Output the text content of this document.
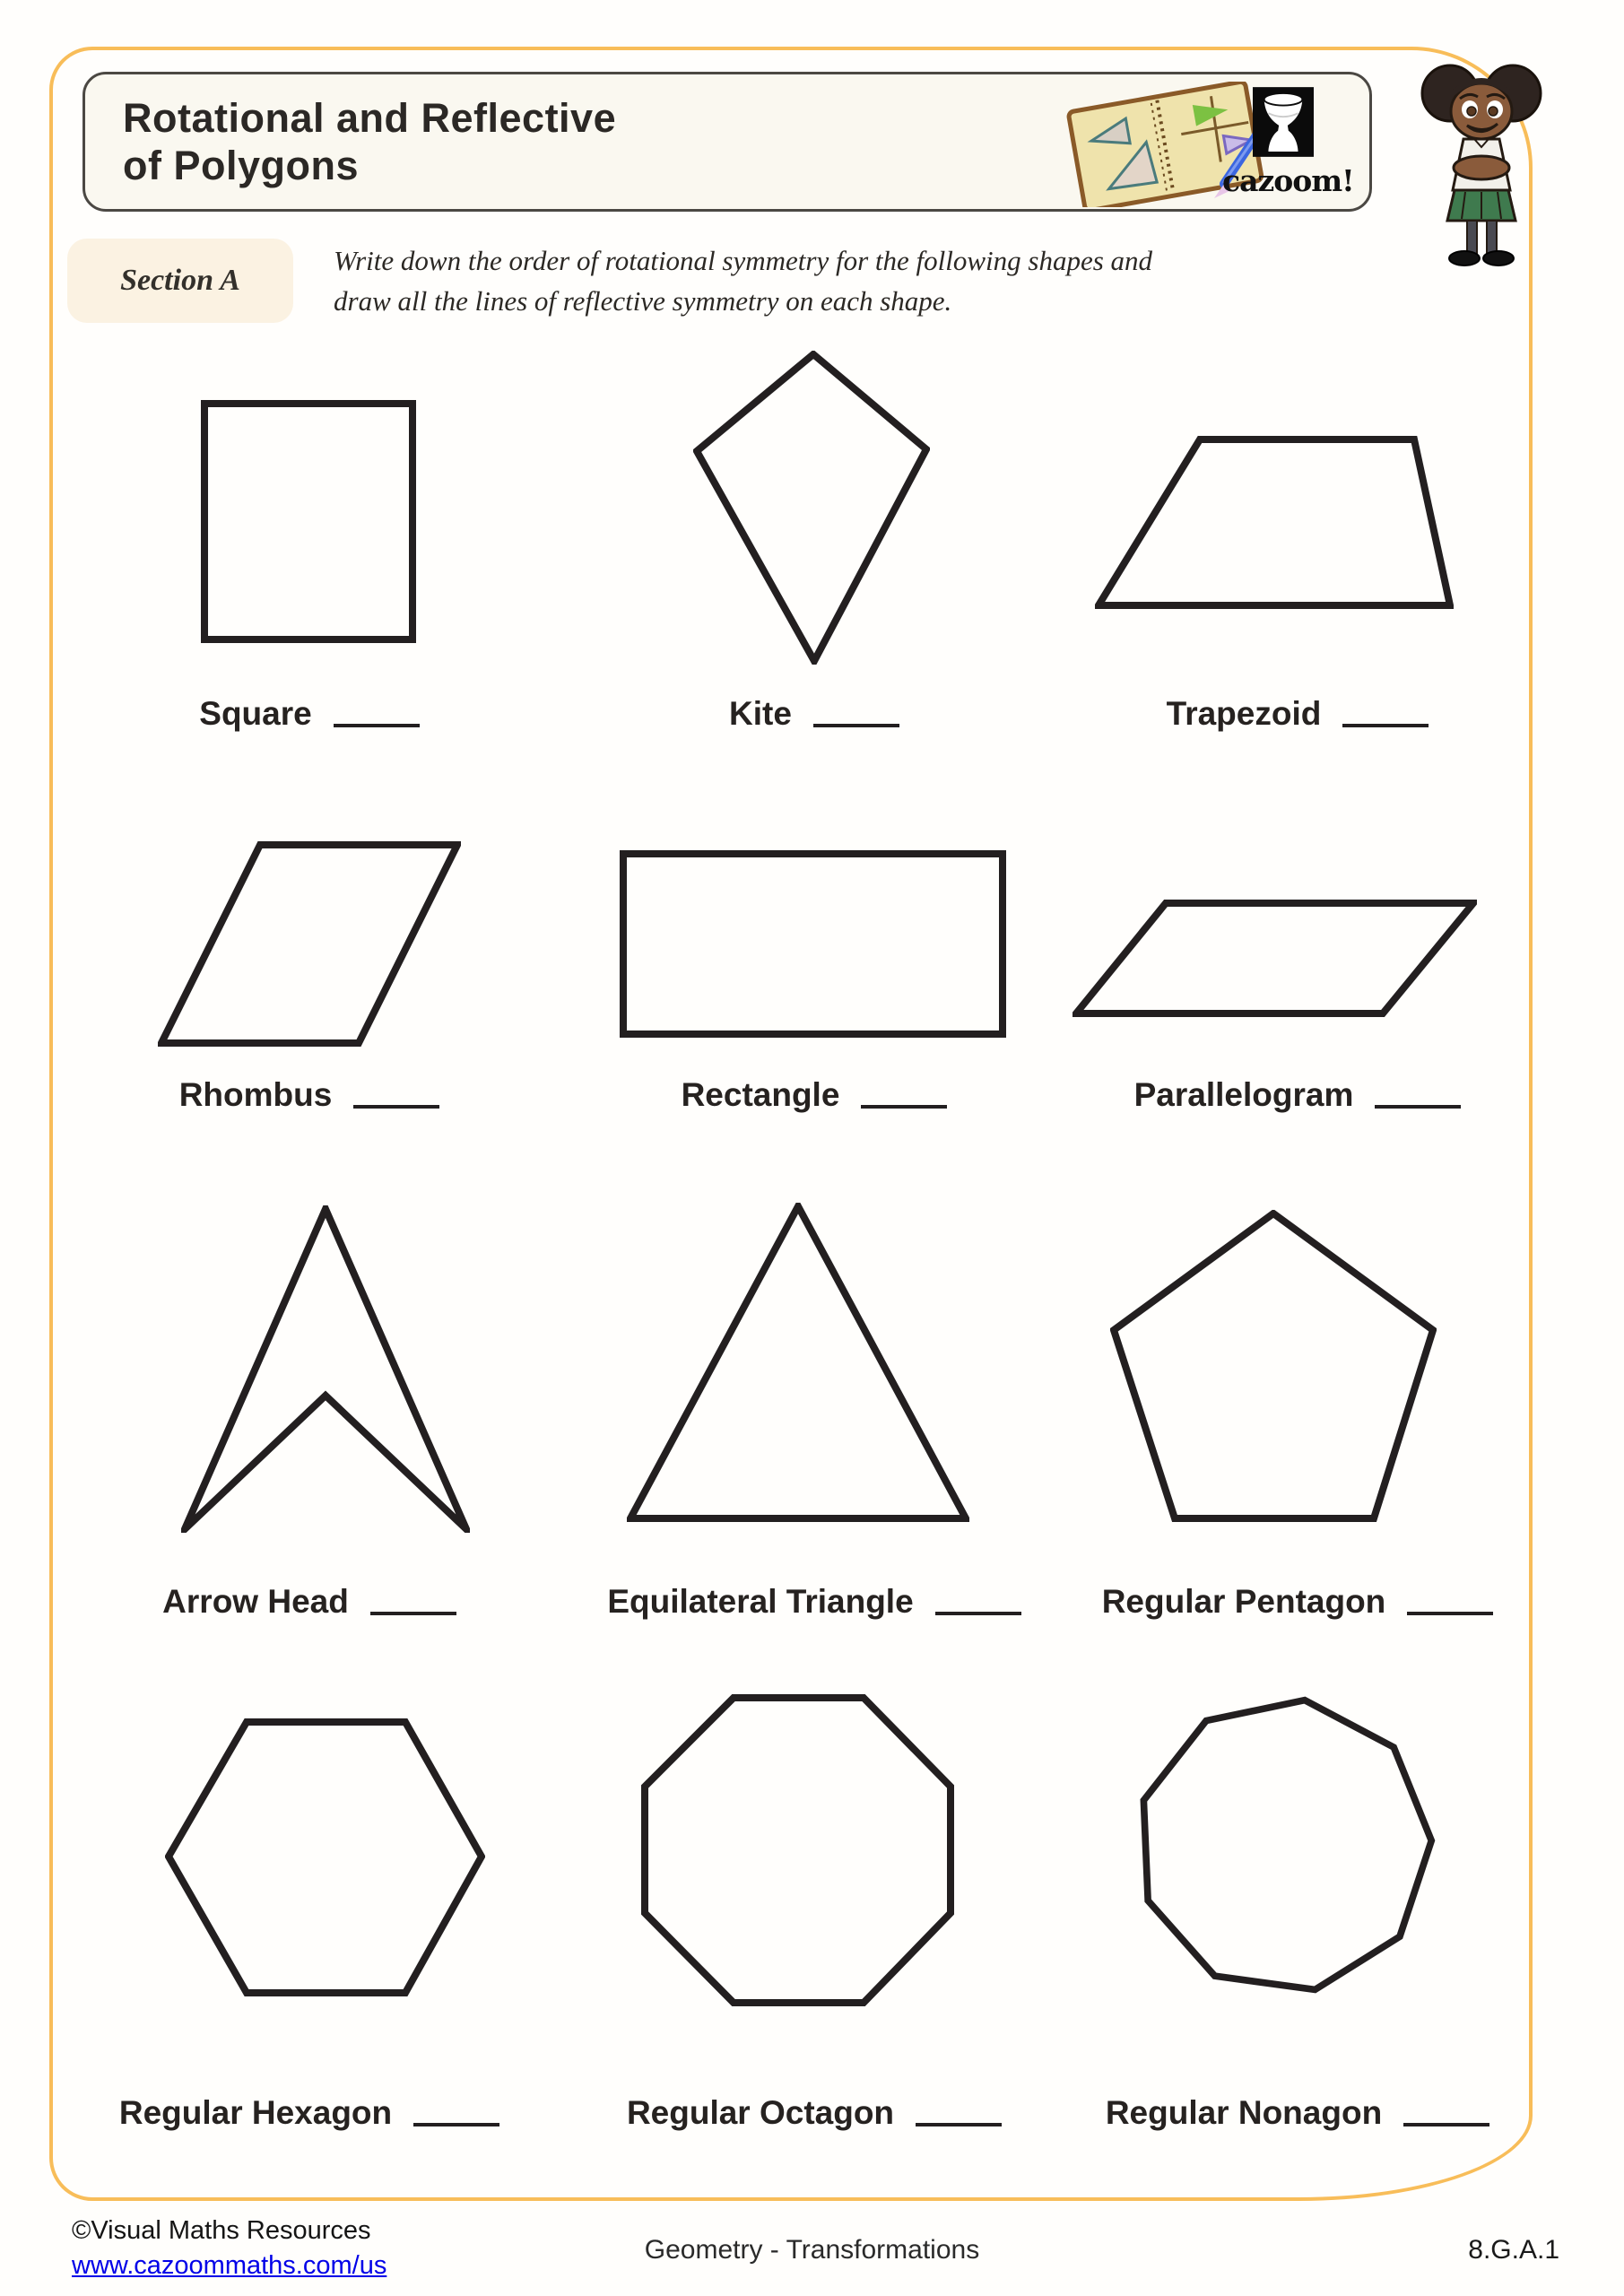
Rotational and Reflective
of Polygons	cazoom!
Section A
Write down the order of rotational symmetry for the following shapes and
draw all the lines of reflective symmetry on each shape.
Square	Kite	Trapezoid
Rhombus	Rectangle	Parallelogram
Arrow Head	Equilateral Triangle	Regular Pentagon
Regular Hexagon	Regular Octagon	Regular Nonagon
©Visual Maths Resources
www.cazoommaths.com/us
Geometry - Transformations	8.G.A.1
